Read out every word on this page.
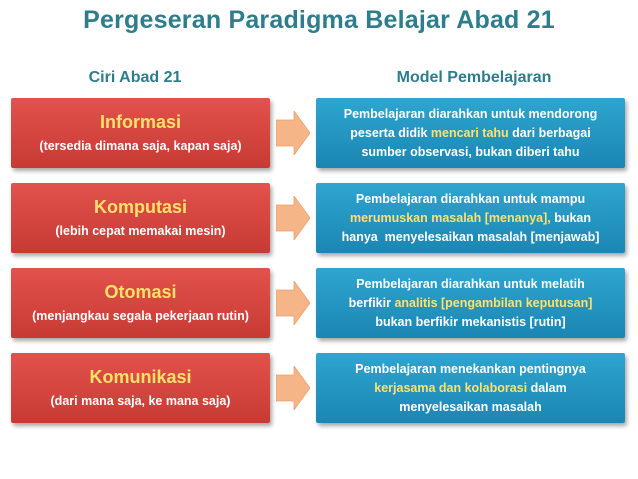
Pergeseran Paradigma Belajar Abad 21
Ciri Abad 21	Model Pembelajaran
Informasi
(tersedia dimana saja, kapan saja)
Pembelajaran diarahkan untuk mendorong
peserta didik mencari tahu dari berbagai
sumber observasi, bukan diberi tahu
Komputasi
(lebih cepat memakai mesin)
Pembelajaran diarahkan untuk mampu
merumuskan masalah [menanya], bukan
hanya  menyelesaikan masalah [menjawab]
Otomasi
(menjangkau segala pekerjaan rutin)
Pembelajaran diarahkan untuk melatih
berfikir analitis [pengambilan keputusan]
bukan berfikir mekanistis [rutin]
Komunikasi
(dari mana saja, ke mana saja)
Pembelajaran menekankan pentingnya
kerjasama dan kolaborasi dalam
menyelesaikan masalah
